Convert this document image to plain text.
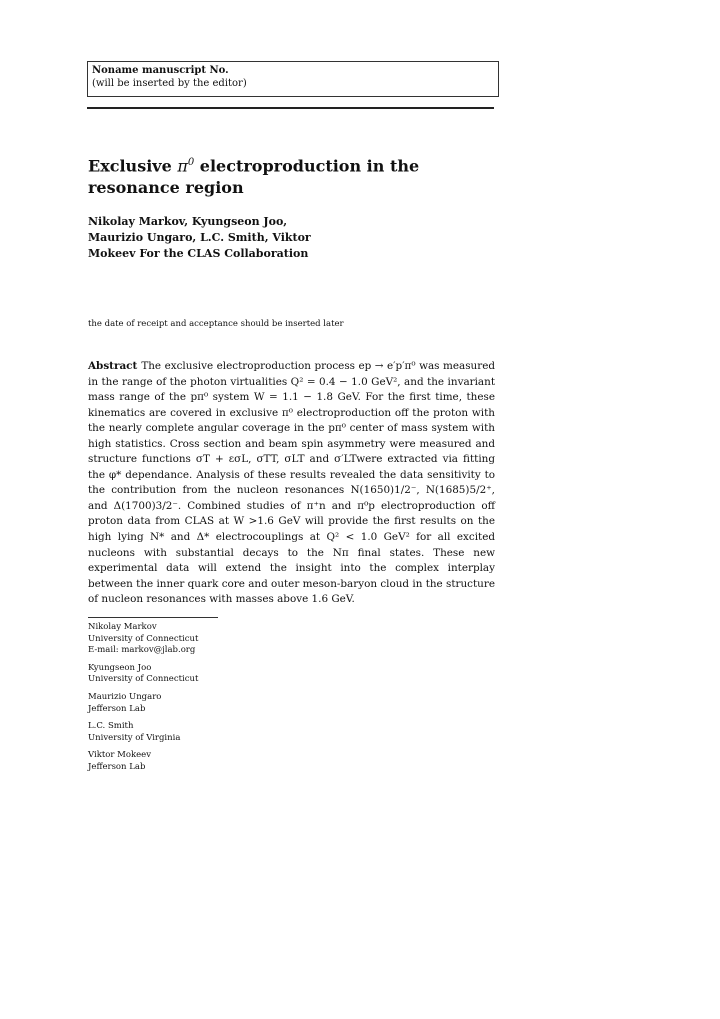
Noname manuscript No.
(will be inserted by the editor)
Exclusive $\pi^0$ electroproduction in the resonance region
Nikolay Markov, Kyungseon Joo,
Maurizio Ungaro, L.C. Smith, Viktor
Mokeev For the CLAS Collaboration
the date of receipt and acceptance should be inserted later
Abstract The exclusive electroproduction process ep → e′p′π⁰ was measured in the range of the photon virtualities Q² = 0.4 − 1.0 GeV², and the invariant mass range of the pπ⁰ system W = 1.1 − 1.8 GeV. For the first time, these kinematics are covered in exclusive π⁰ electroproduction off the proton with the nearly complete angular coverage in the pπ⁰ center of mass system with high statistics. Cross section and beam spin asymmetry were measured and structure functions σT + εσL, σTT, σLT and σ′LTwere extracted via fitting the φ* dependance. Analysis of these results revealed the data sensitivity to the contribution from the nucleon resonances N(1650)1/2⁻, N(1685)5/2⁺, and Δ(1700)3/2⁻. Combined studies of π⁺n and π⁰p electroproduction off proton data from CLAS at W >1.6 GeV will provide the first results on the high lying N* and Δ* electrocouplings at Q² < 1.0 GeV² for all excited nucleons with substantial decays to the Nπ final states. These new experimental data will extend the insight into the complex interplay between the inner quark core and outer meson-baryon cloud in the structure of nucleon resonances with masses above 1.6 GeV.
Nikolay Markov
University of Connecticut
E-mail: markov@jlab.org
Kyungseon Joo
University of Connecticut
Maurizio Ungaro
Jefferson Lab
L.C. Smith
University of Virginia
Viktor Mokeev
Jefferson Lab
